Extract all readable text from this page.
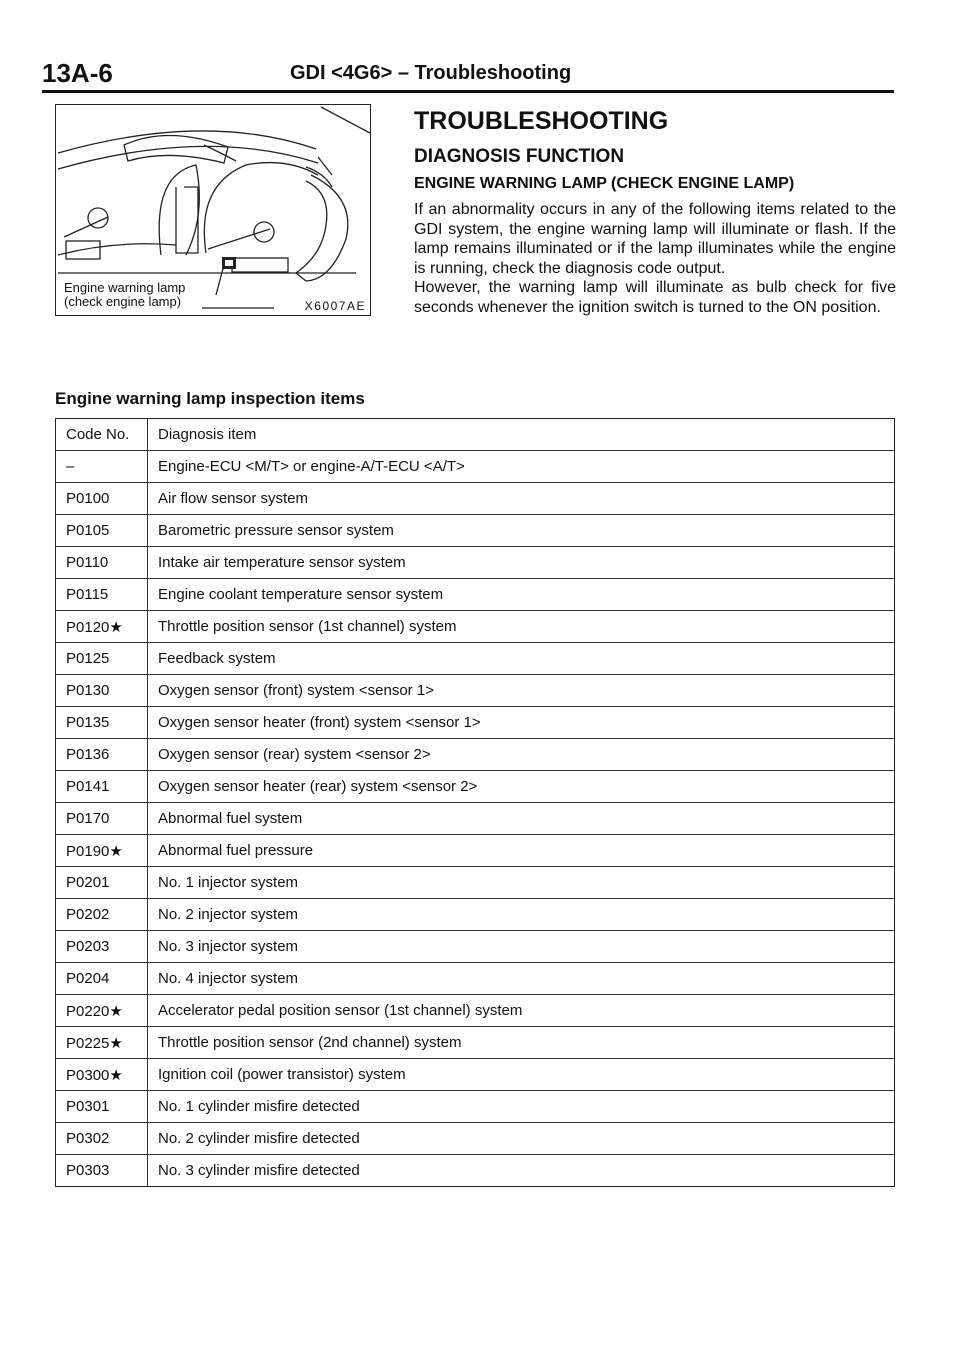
13A-6	GDI <4G6> – Troubleshooting
Engine warning lamp
(check engine lamp)	X6007AE
TROUBLESHOOTING
DIAGNOSIS FUNCTION
ENGINE WARNING LAMP (CHECK ENGINE LAMP)

If an abnormality occurs in any of the following items related to the GDI system, the engine warning lamp will illuminate or flash. If the lamp remains illuminated or if the lamp illuminates while the engine is running, check the diagnosis code output.

However, the warning lamp will illuminate as bulb check for five seconds whenever the ignition switch is turned to the ON position.

Engine warning lamp inspection items
Code No.	Diagnosis item
–	Engine-ECU <M/T> or engine-A/T-ECU <A/T>
P0100	Air flow sensor system
P0105	Barometric pressure sensor system
P0110	Intake air temperature sensor system
P0115	Engine coolant temperature sensor system
P0120★	Throttle position sensor (1st channel) system
P0125	Feedback system
P0130	Oxygen sensor (front) system <sensor 1>
P0135	Oxygen sensor heater (front) system <sensor 1>
P0136	Oxygen sensor (rear) system <sensor 2>
P0141	Oxygen sensor heater (rear) system <sensor 2>
P0170	Abnormal fuel system
P0190★	Abnormal fuel pressure
P0201	No. 1 injector system
P0202	No. 2 injector system
P0203	No. 3 injector system
P0204	No. 4 injector system
P0220★	Accelerator pedal position sensor (1st channel) system
P0225★	Throttle position sensor (2nd channel) system
P0300★	Ignition coil (power transistor) system
P0301	No. 1 cylinder misfire detected
P0302	No. 2 cylinder misfire detected
P0303	No. 3 cylinder misfire detected
